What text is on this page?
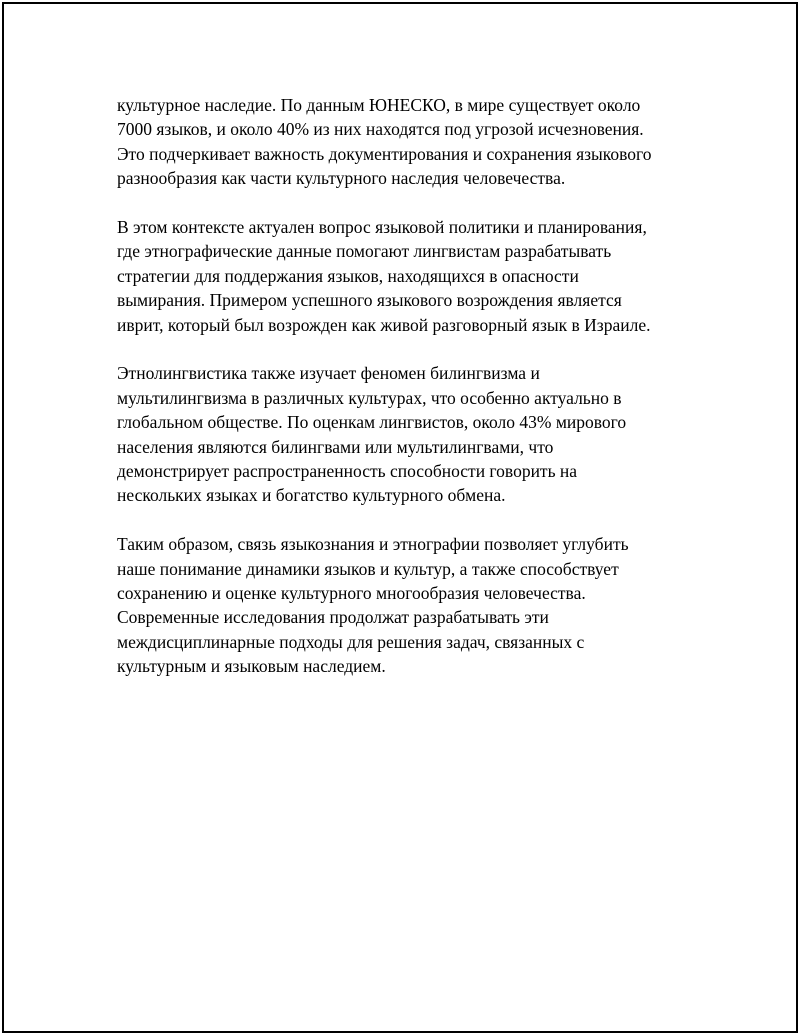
культурное наследие. По данным ЮНЕСКО, в мире существует около
7000 языков, и около 40% из них находятся под угрозой исчезновения.
Это подчеркивает важность документирования и сохранения языкового
разнообразия как части культурного наследия человечества.

В этом контексте актуален вопрос языковой политики и планирования,
где этнографические данные помогают лингвистам разрабатывать
стратегии для поддержания языков, находящихся в опасности
вымирания. Примером успешного языкового возрождения является
иврит, который был возрожден как живой разговорный язык в Израиле.

Этнолингвистика также изучает феномен билингвизма и
мультилингвизма в различных культурах, что особенно актуально в
глобальном обществе. По оценкам лингвистов, около 43% мирового
населения являются билингвами или мультилингвами, что
демонстрирует распространенность способности говорить на
нескольких языках и богатство культурного обмена.

Таким образом, связь языкознания и этнографии позволяет углубить
наше понимание динамики языков и культур, а также способствует
сохранению и оценке культурного многообразия человечества.
Современные исследования продолжат разрабатывать эти
междисциплинарные подходы для решения задач, связанных с
культурным и языковым наследием.
